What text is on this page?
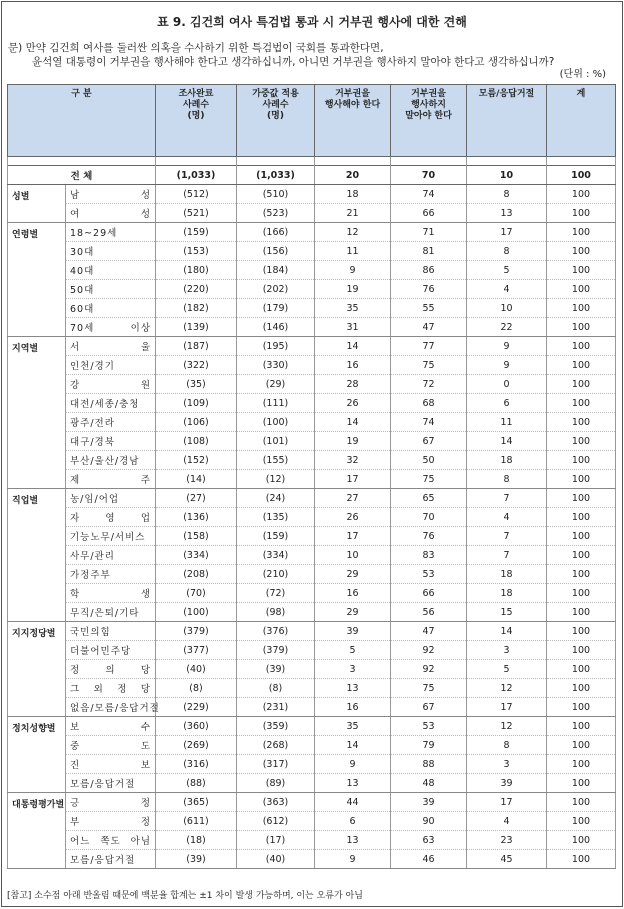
표 9. 김건희 여사 특검법 통과 시 거부권 행사에 대한 견해
문) 만약 김건희 여사를 둘러싼 의혹을 수사하기 위한 특검법이 국회를 통과한다면,
윤석열 대통령이 거부권을 행사해야 한다고 생각하십니까, 아니면 거부권을 행사하지 말아야 한다고 생각하십니까?
(단위 : %)
구 분		조사완료
사례수
(명)	가중값 적용
사례수
(명)	거부권을
행사해야 한다	거부권을
행사하지
말아야 한다	모름/응답거절	계

전 체		(1,033)	(1,033)	20	70	10	100
성별	남 성	(512)	(510)	18	74	8	100
	여 성	(521)	(523)	21	66	13	100
연령별	18~29세	(159)	(166)	12	71	17	100
	30대	(153)	(156)	11	81	8	100
	40대	(180)	(184)	9	86	5	100
	50대	(220)	(202)	19	76	4	100
	60대	(182)	(179)	35	55	10	100
	70세 이상	(139)	(146)	31	47	22	100
지역별	서 울	(187)	(195)	14	77	9	100
	인천/경기	(322)	(330)	16	75	9	100
	강 원	(35)	(29)	28	72	0	100
	대전/세종/충청	(109)	(111)	26	68	6	100
	광주/전라	(106)	(100)	14	74	11	100
	대구/경북	(108)	(101)	19	67	14	100
	부산/울산/경남	(152)	(155)	32	50	18	100
	제 주	(14)	(12)	17	75	8	100
직업별	농/임/어업	(27)	(24)	27	65	7	100
	자 영 업	(136)	(135)	26	70	4	100
	기능노무/서비스	(158)	(159)	17	76	7	100
	사무/관리	(334)	(334)	10	83	7	100
	가정주부	(208)	(210)	29	53	18	100
	학 생	(70)	(72)	16	66	18	100
	무직/은퇴/기타	(100)	(98)	29	56	15	100
지지정당별	국민의힘	(379)	(376)	39	47	14	100
	더불어민주당	(377)	(379)	5	92	3	100
	정 의 당	(40)	(39)	3	92	5	100
	그 외 정 당	(8)	(8)	13	75	12	100
	없음/모름/응답거절	(229)	(231)	16	67	17	100
정치성향별	보 수	(360)	(359)	35	53	12	100
	중 도	(269)	(268)	14	79	8	100
	진 보	(316)	(317)	9	88	3	100
	모름/응답거절	(88)	(89)	13	48	39	100
대통령평가별	긍 정	(365)	(363)	44	39	17	100
	부 정	(611)	(612)	6	90	4	100
	어느 쪽도 아님	(18)	(17)	13	63	23	100
	모름/응답거절	(39)	(40)	9	46	45	100
[참고] 소수점 아래 반올림 때문에 백분율 합계는 ±1 차이 발생 가능하며, 이는 오류가 아님
